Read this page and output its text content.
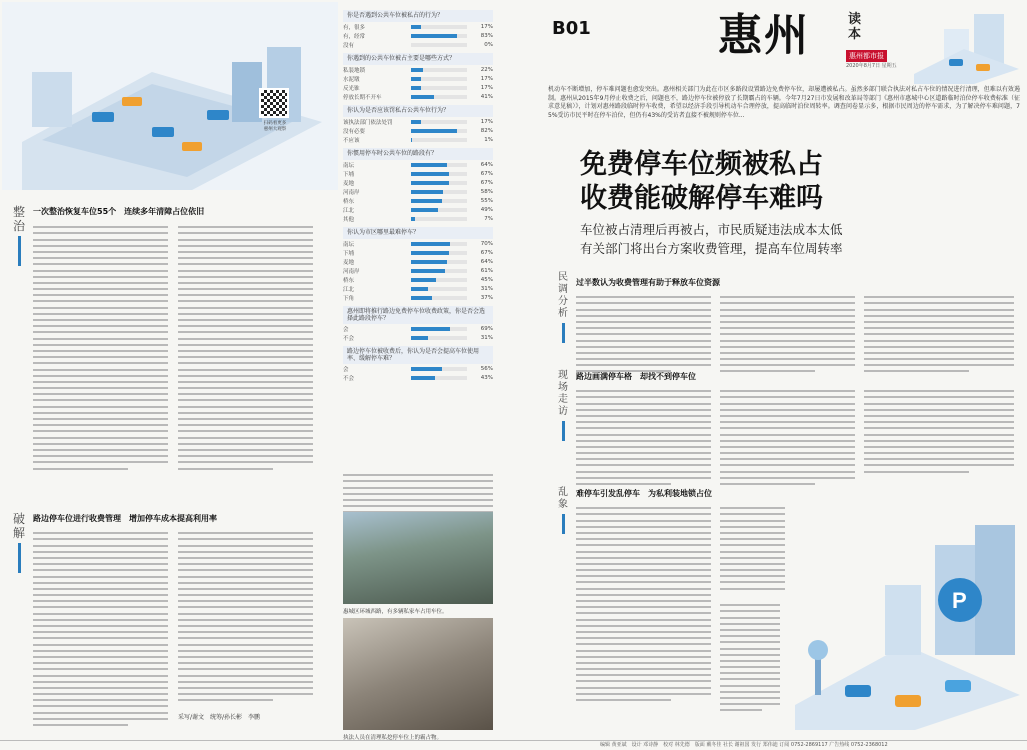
扫码看更多
惠州大观察
你是否遇到公共车位被私占的行为？
有，很多	17%
有，经常	83%
没有	0%
你遇到的公共车位被占主要是哪些方式？
私装地锁	22%
水泥墩	17%
反光锥	17%
停放长期不开车	41%
你认为是否应该罚私占公共车位行为？
该执法部门依法处罚	17%
没有必要	82%
不应该	1%
你惯用停车时公共车位的路段有？
南坛	64%
下埔	67%
麦地	67%
河南岸	58%
桥东	55%
江北	49%
其他	7%
你认为市区哪里最难停车？
南坛	70%
下埔	67%
麦地	64%
河南岸	61%
桥东	45%
江北	31%
下角	37%
惠州即将推行路边免费停车位收费政策，你是否会选择此路段停车？
会	69%
不会	31%
路边停车位被收费后，你认为是否会提高车位使用率、缓解停车难？
会	56%
不会	43%
B01	惠州	读本
惠州都市报
2020年8月7日 星期五
机动车不断增加，停车难问题也愈发突出。惠州相关部门为此在市区多路段设置路边免费停车位，却屡遭被私占。虽然多部门联合执法对私占车位的情况进行清理，但难以有效遏制。惠州从2015年9月停止收费之后，问题也不，路边停车位被停放了长期霸占的车辆。今年7月27日市发展和改革局等部门《惠州市惠城中心区道路临时泊位停车收费标准（征求意见稿）》，计划对惠州路段临时停车收费，希望以经济手段引导机动车合理停放，提高临时泊位周转率。调查问卷显示多，根据市民周边的停车需求，为了解决停车难问题，75%受访市民平时在停车泊位，但仍有43%的受访者直接不被规则停车位...
免费停车位频被私占
收费能破解停车难吗
车位被占清理后再被占，市民质疑违法成本太低
有关部门将出台方案收费管理，提高车位周转率
整治
一次整治恢复车位55个　连续多年清障占位依旧
破解
路边停车位进行收费管理　增加停车成本提高利用率
采写/谢文　统筹/孙长彬　李鹏
惠城区环城西路，有多辆私家车占用车位。
执法人员在清理私挖停车位上的霸占物。
民调分析
过半数认为收费管理有助于释放车位资源
现场走访
路边画满停车格　却找不到停车位
乱象
难停车引发乱停车　为私利装地锁占位
P
编辑 黄亚斌　设计 邓诗静　校对 林先德　版面 戴冬佳 社长 谢祖国 发行 郑伟迪 订阅 0752-2869117 广告热线 0752-2368012
